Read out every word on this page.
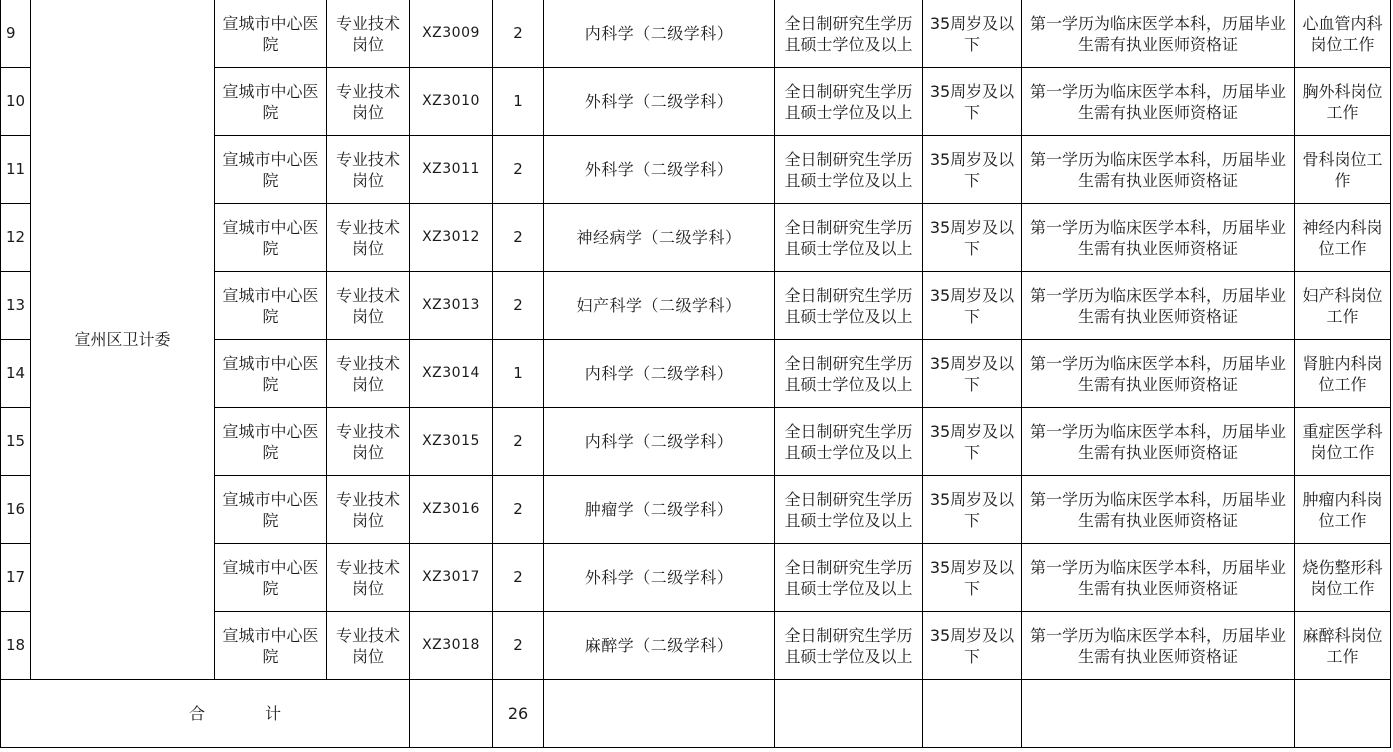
9	宣州区卫计委	宣城市中心医院	专业技术岗位	XZ3009	2	内科学（二级学科）	全日制研究生学历且硕士学位及以上	35周岁及以下	第一学历为临床医学本科，历届毕业生需有执业医师资格证	心血管内科岗位工作
10		宣城市中心医院	专业技术岗位	XZ3010	1	外科学（二级学科）	全日制研究生学历且硕士学位及以上	35周岁及以下	第一学历为临床医学本科，历届毕业生需有执业医师资格证	胸外科岗位工作
11		宣城市中心医院	专业技术岗位	XZ3011	2	外科学（二级学科）	全日制研究生学历且硕士学位及以上	35周岁及以下	第一学历为临床医学本科，历届毕业生需有执业医师资格证	骨科岗位工作
12		宣城市中心医院	专业技术岗位	XZ3012	2	神经病学（二级学科）	全日制研究生学历且硕士学位及以上	35周岁及以下	第一学历为临床医学本科，历届毕业生需有执业医师资格证	神经内科岗位工作
13		宣城市中心医院	专业技术岗位	XZ3013	2	妇产科学（二级学科）	全日制研究生学历且硕士学位及以上	35周岁及以下	第一学历为临床医学本科，历届毕业生需有执业医师资格证	妇产科岗位工作
14		宣城市中心医院	专业技术岗位	XZ3014	1	内科学（二级学科）	全日制研究生学历且硕士学位及以上	35周岁及以下	第一学历为临床医学本科，历届毕业生需有执业医师资格证	肾脏内科岗位工作
15		宣城市中心医院	专业技术岗位	XZ3015	2	内科学（二级学科）	全日制研究生学历且硕士学位及以上	35周岁及以下	第一学历为临床医学本科，历届毕业生需有执业医师资格证	重症医学科岗位工作
16		宣城市中心医院	专业技术岗位	XZ3016	2	肿瘤学（二级学科）	全日制研究生学历且硕士学位及以上	35周岁及以下	第一学历为临床医学本科，历届毕业生需有执业医师资格证	肿瘤内科岗位工作
17		宣城市中心医院	专业技术岗位	XZ3017	2	外科学（二级学科）	全日制研究生学历且硕士学位及以上	35周岁及以下	第一学历为临床医学本科，历届毕业生需有执业医师资格证	烧伤整形科岗位工作
18		宣城市中心医院	专业技术岗位	XZ3018	2	麻醉学（二级学科）	全日制研究生学历且硕士学位及以上	35周岁及以下	第一学历为临床医学本科，历届毕业生需有执业医师资格证	麻醉科岗位工作
合计					26					
